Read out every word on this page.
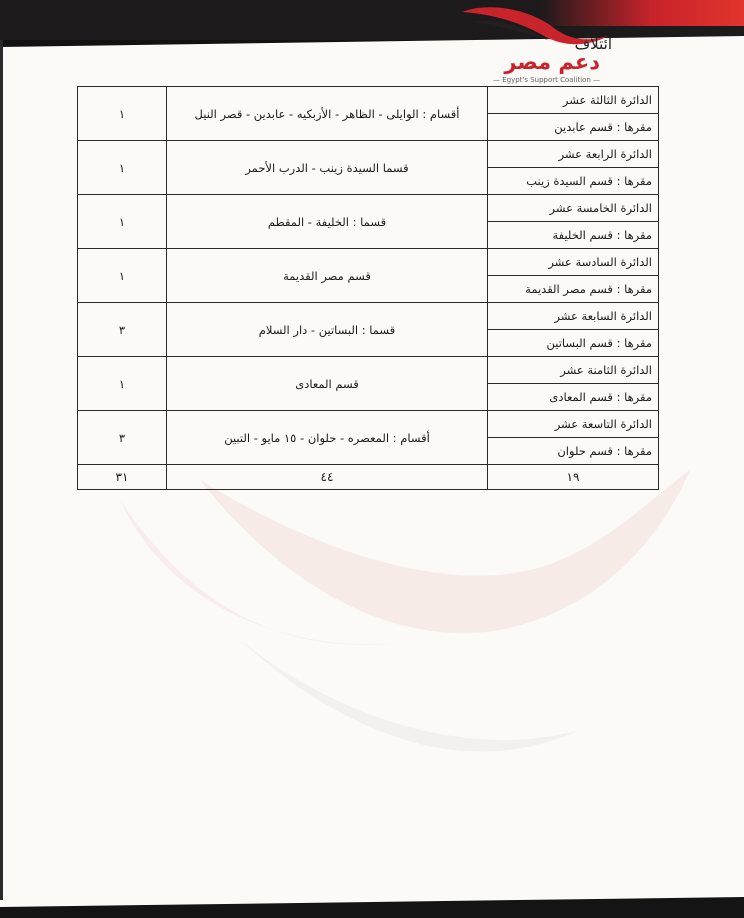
ائتلاف
دعم مصر
— Egypt's Support Coalition —
الدائرة الثالثة عشر	أقسام : الوايلى - الظاهر - الأزبكيه - عابدين - قصر النيل	١
مقرها : قسم عابدين		
الدائرة الرابعة عشر	قسما السيدة زينب - الدرب الأحمر	١
مقرها : قسم السيدة زينب		
الدائرة الخامسة عشر	قسما : الخليفة - المقطم	١
مقرها : قسم الخليفة		
الدائرة السادسة عشر	قسم مصر القديمة	١
مقرها : قسم مصر القديمة		
الدائرة السابعة عشر	قسما : البساتين - دار السلام	٣
مقرها : قسم البساتين		
الدائرة الثامنة عشر	قسم المعادى	١
مقرها : قسم المعادى		
الدائرة التاسعة عشر	أقسام : المعصره - حلوان - ١٥ مايو - التبين	٣
مقرها : قسم حلوان		
١٩	٤٤	٣١
